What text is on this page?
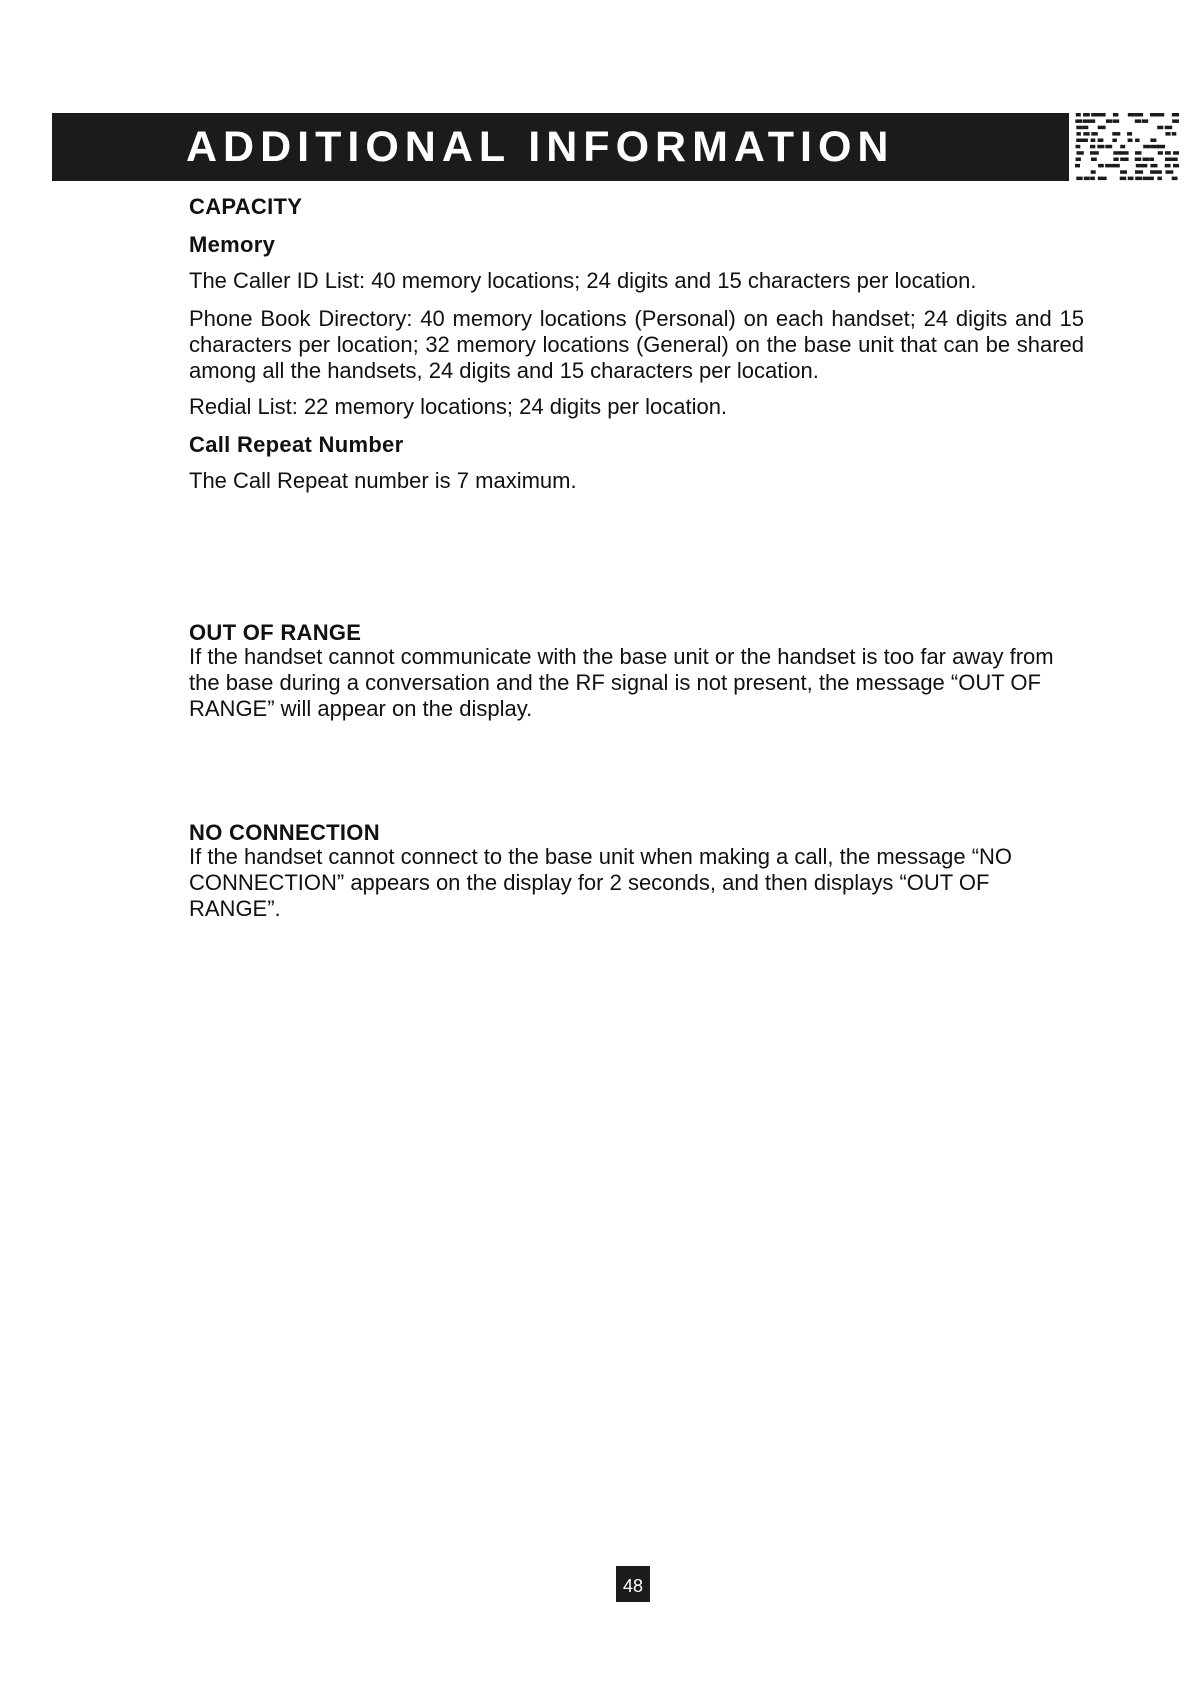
ADDITIONAL INFORMATION
CAPACITY
Memory
The Caller ID List: 40 memory locations; 24 digits and 15 characters per location.
Phone Book Directory: 40 memory locations (Personal) on each handset; 24 digits and 15 characters per location; 32 memory locations (General) on the base unit that can be shared among all the handsets, 24 digits and 15 characters per location.
Redial List: 22 memory locations; 24 digits per location.
Call Repeat Number
The Call Repeat number is 7 maximum.
OUT OF RANGE
If the handset cannot communicate with the base unit or the handset is too far away from the base during a conversation and the RF signal is not present, the message “OUT OF RANGE” will appear on the display.
NO CONNECTION
If the handset cannot connect to the base unit when making a call, the message “NO CONNECTION” appears on the display for 2 seconds, and then displays “OUT OF RANGE”.
48
